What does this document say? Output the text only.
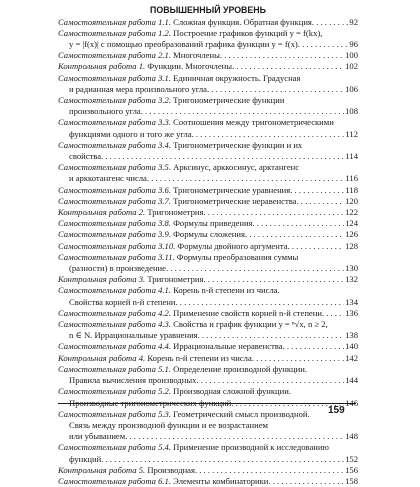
ПОВЫШЕННЫЙ УРОВЕНЬ
Самостоятельная работа 1.1. Сложная функция. Обратная функция . . .	92
Самостоятельная работа 1.2. Построение графиков функций y = f(kx),
y = |f(x)| с помощью преобразований графика функции y = f(x) . . .	96
Самостоятельная работа 2.1. Многочлены . . .	100
Контрольная работа 1. Функции. Многочлены . . .	102
Самостоятельная работа 3.1. Единичная окружность. Градусная
и радианная мера произвольного угла . . .	106
Самостоятельная работа 3.2. Тригонометрические функции
произвольного угла . . .	108
Самостоятельная работа 3.3. Соотношения между тригонометрическими
функциями одного и того же угла . . .	112
Самостоятельная работа 3.4. Тригонометрические функции и их
свойства . . .	114
Самостоятельная работа 3.5. Арксинус, арккосинус, арктангенс
и арккотангенс числа . . .	116
Самостоятельная работа 3.6. Тригонометрические уравнения . . .	118
Самостоятельная работа 3.7. Тригонометрические неравенства . . .	120
Контрольная работа 2. Тригонометрия . . .	122
Самостоятельная работа 3.8. Формулы приведения . . .	124
Самостоятельная работа 3.9. Формулы сложения . . .	126
Самостоятельная работа 3.10. Формулы двойного аргумента . . .	128
Самостоятельная работа 3.11. Формулы преобразования суммы
(разности) в произведение . . .	130
Контрольная работа 3. Тригонометрия . . .	132
Самостоятельная работа 4.1. Корень n-й степени из числа.
Свойства корней n-й степени . . .	134
Самостоятельная работа 4.2. Применение свойств корней n-й степени . . .	136
Самостоятельная работа 4.3. Свойства и график функции y = ⁿ√x, n ≥ 2,
n ∈ N. Иррациональные уравнения . . .	138
Самостоятельная работа 4.4. Иррациональные неравенства . . .	140
Контрольная работа 4. Корень n-й степени из числа . . .	142
Самостоятельная работа 5.1. Определение производной функции.
Правила вычисления производных . . .	144
Самостоятельная работа 5.2. Производная сложной функции.
Производные тригонометрических функций . . .	146
Самостоятельная работа 5.3. Геометрический смысл производной.
Связь между производной функции и ее возрастанием
или убыванием . . .	148
Самостоятельная работа 5.4. Применение производной к исследованию
функций . . .	152
Контрольная работа 5. Производная . . .	156
Самостоятельная работа 6.1. Элементы комбинаторики . . .	158
159
